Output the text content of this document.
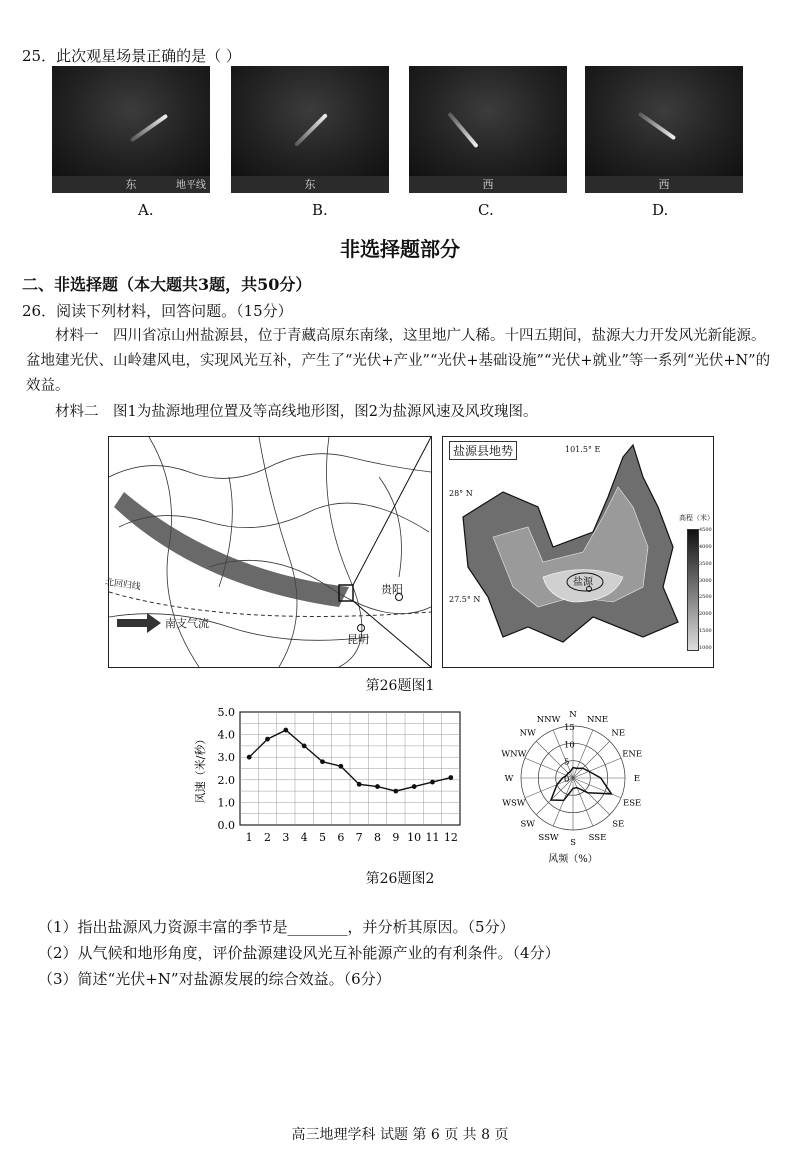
25．此次观星场景正确的是（ ）
东	地平线	东	西	西
A.	B.	C.	D.
非选择题部分
二、非选择题（本大题共3题，共50分）
26．阅读下列材料，回答问题。（15分）
材料一　四川省凉山州盐源县，位于青藏高原东南缘，这里地广人稀。十四五期间，盐源大力开发风光新能源。盆地建光伏、山岭建风电，实现风光互补，产生了“光伏+产业”“光伏+基础设施”“光伏+就业”等一系列“光伏+N”的效益。
材料二　图1为盐源地理位置及等高线地形图，图2为盐源风速及风玫瑰图。
北回归线
南支气流
贵阳
昆明
盐源县地势	101.5° E
28° N
27.5° N
盐源
高程（米）
4500
4000
3500
3000
2500
2000
1500
1000
第26题图1
5.0
4.0
3.0
2.0
1.0
0.0
1 2 3 4 5 6 7 8 9 10 11 12
风速（米/秒）
N NNE
NE
ENE
E
ESE
SE
SSE
S
SSW
SW
WSW
W
WNW
NW
NNW
15
10
5
0
风频（%）
第26题图2
（1）指出盐源风力资源丰富的季节是________，并分析其原因。（5分）
（2）从气候和地形角度，评价盐源建设风光互补能源产业的有利条件。（4分）
（3）简述“光伏+N”对盐源发展的综合效益。（6分）
高三地理学科 试题 第 6 页 共 8 页
